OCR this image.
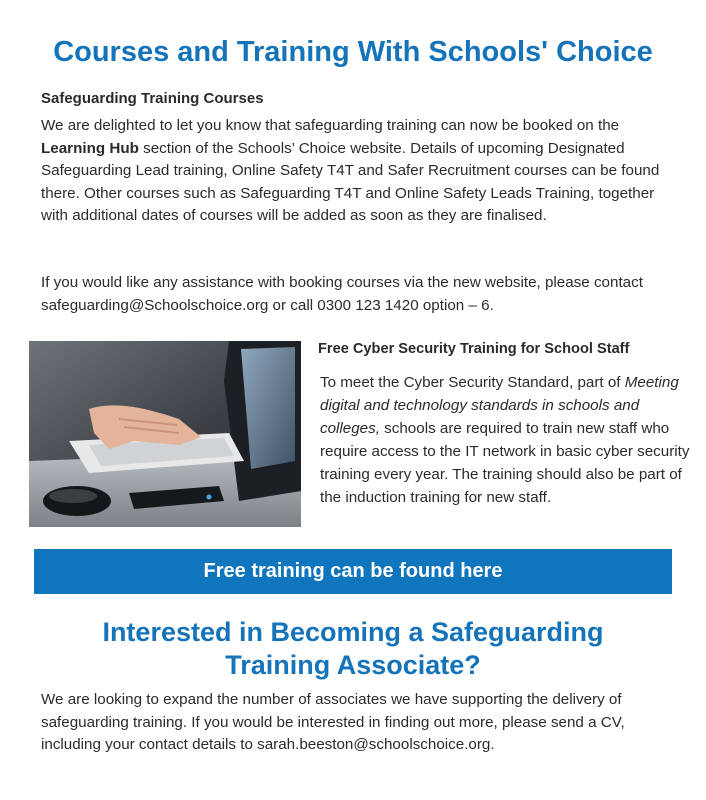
Courses and Training With Schools' Choice
Safeguarding Training Courses

We are delighted to let you know that safeguarding training can now be booked on the Learning Hub section of the Schools’ Choice website. Details of upcoming Designated Safeguarding Lead training, Online Safety T4T and Safer Recruitment courses can be found there. Other courses such as Safeguarding T4T and Online Safety Leads Training, together with additional dates of courses will be added as soon as they are finalised.

If you would like any assistance with booking courses via the new website, please contact safeguarding@Schoolschoice.org or call 0300 123 1420 option – 6.

Free Cyber Security Training for School Staff

To meet the Cyber Security Standard, part of Meeting digital and technology standards in schools and colleges, schools are required to train new staff who require access to the IT network in basic cyber security training every year. The training should also be part of the induction training for new staff.

Free training can be found here
Interested in Becoming a Safeguarding
Training Associate?

We are looking to expand the number of associates we have supporting the delivery of safeguarding training. If you would be interested in finding out more, please send a CV, including your contact details to sarah.beeston@schoolschoice.org.
